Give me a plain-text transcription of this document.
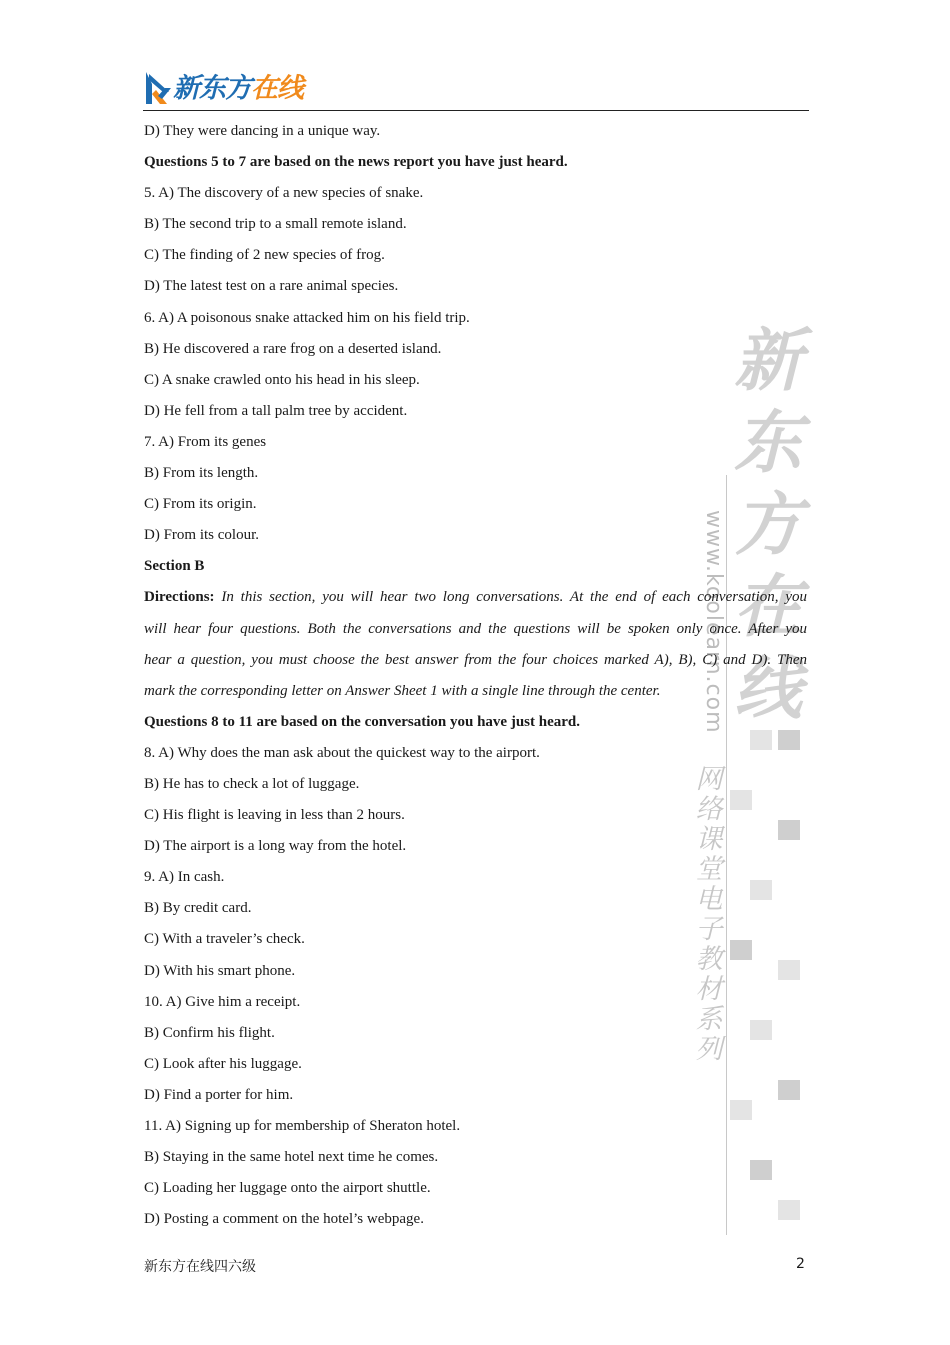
新东方在线
新东方在线
www.koolearn.com
网络课堂电子教材系列
D) They were dancing in a unique way.
Questions 5 to 7 are based on the news report you have just heard.
5. A) The discovery of a new species of snake.
B) The second trip to a small remote island.
C) The finding of 2 new species of frog.
D) The latest test on a rare animal species.
6. A) A poisonous snake attacked him on his field trip.
B) He discovered a rare frog on a deserted island.
C) A snake crawled onto his head in his sleep.
D) He fell from a tall palm tree by accident.
7. A) From its genes
B) From its length.
C) From its origin.
D) From its colour.
Section B
Directions: In this section, you will hear two long conversations. At the end of each conversation, you
will hear four questions. Both the conversations and the questions will be spoken only once. After you
hear a question, you must choose the best answer from the four choices marked A), B), C) and D). Then
mark the corresponding letter on Answer Sheet 1 with a single line through the center.
Questions 8 to 11 are based on the conversation you have just heard.
8. A) Why does the man ask about the quickest way to the airport.
B) He has to check a lot of luggage.
C) His flight is leaving in less than 2 hours.
D) The airport is a long way from the hotel.
9. A) In cash.
B) By credit card.
C) With a traveler’s check.
D) With his smart phone.
10. A) Give him a receipt.
B) Confirm his flight.
C) Look after his luggage.
D) Find a porter for him.
11. A) Signing up for membership of Sheraton hotel.
B) Staying in the same hotel next time he comes.
C) Loading her luggage onto the airport shuttle.
D) Posting a comment on the hotel’s webpage.
新东方在线四六级	2
